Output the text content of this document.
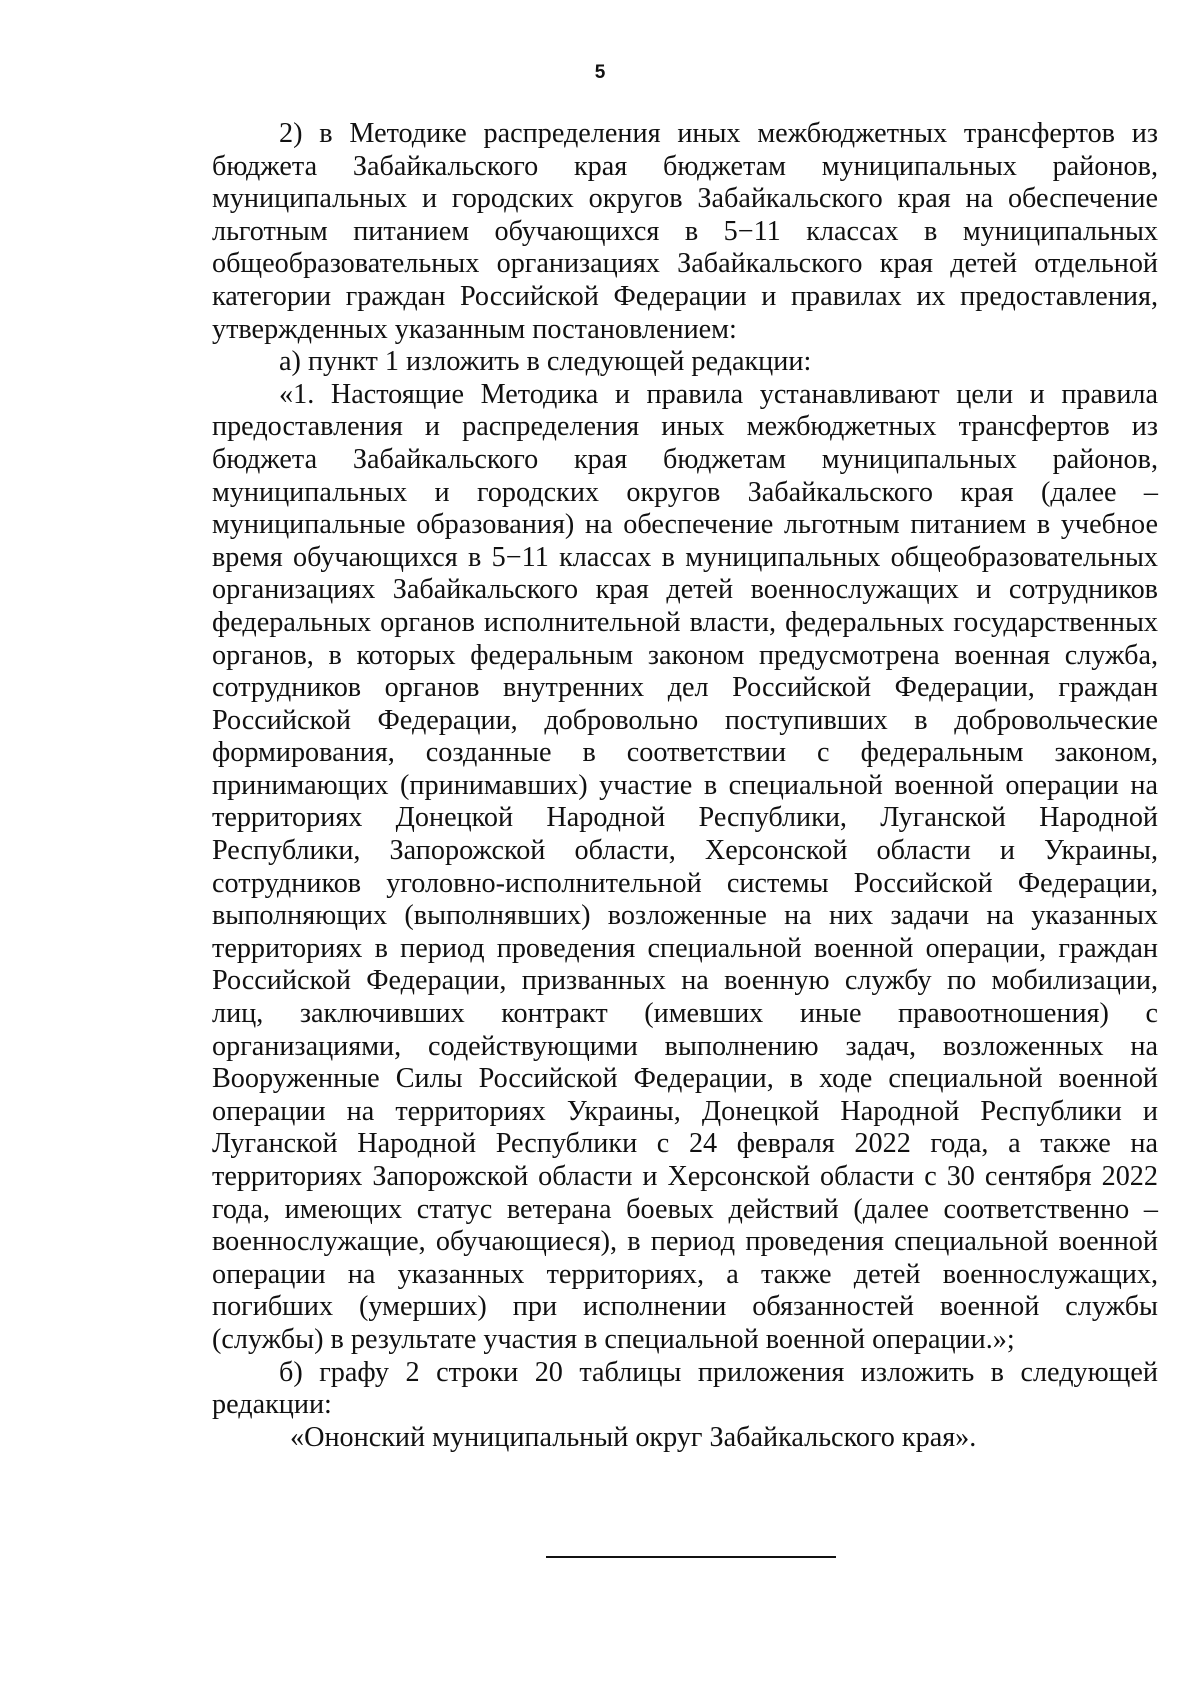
5

2) в Методике распределения иных межбюджетных трансфертов из бюджета Забайкальского края бюджетам муниципальных районов, муниципальных и городских округов Забайкальского края на обеспечение льготным питанием обучающихся в 5−11 классах в муниципальных общеобразовательных организациях Забайкальского края детей отдельной категории граждан Российской Федерации и правилах их предоставления, утвержденных указанным постановлением:

а) пункт 1 изложить в следующей редакции:

«1. Настоящие Методика и правила устанавливают цели и правила предоставления и распределения иных межбюджетных трансфертов из бюджета Забайкальского края бюджетам муниципальных районов, муниципальных и городских округов Забайкальского края (далее – муниципальные образования) на обеспечение льготным питанием в учебное время обучающихся в 5−11 классах в муниципальных общеобразовательных организациях Забайкальского края детей военнослужащих и сотрудников федеральных органов исполнительной власти, федеральных государственных органов, в которых федеральным законом предусмотрена военная служба, сотрудников органов внутренних дел Российской Федерации, граждан Российской Федерации, добровольно поступивших в добровольческие формирования, созданные в соответствии с федеральным законом, принимающих (принимавших) участие в специальной военной операции на территориях Донецкой Народной Республики, Луганской Народной Республики, Запорожской области, Херсонской области и Украины, сотрудников уголовно-исполнительной системы Российской Федерации, выполняющих (выполнявших) возложенные на них задачи на указанных территориях в период проведения специальной военной операции, граждан Российской Федерации, призванных на военную службу по мобилизации, лиц, заключивших контракт (имевших иные правоотношения) с организациями, содействующими выполнению задач, возложенных на Вооруженные Силы Российской Федерации, в ходе специальной военной операции на территориях Украины, Донецкой Народной Республики и Луганской Народной Республики с 24 февраля 2022 года, а также на территориях Запорожской области и Херсонской области с 30 сентября 2022 года, имеющих статус ветерана боевых действий (далее соответственно – военнослужащие, обучающиеся), в период проведения специальной военной операции на указанных территориях, а также детей военнослужащих, погибших (умерших) при исполнении обязанностей военной службы (службы) в результате участия в специальной военной операции.»;

б) графу 2 строки 20 таблицы приложения изложить в следующей редакции:

«Ононский муниципальный округ Забайкальского края».
